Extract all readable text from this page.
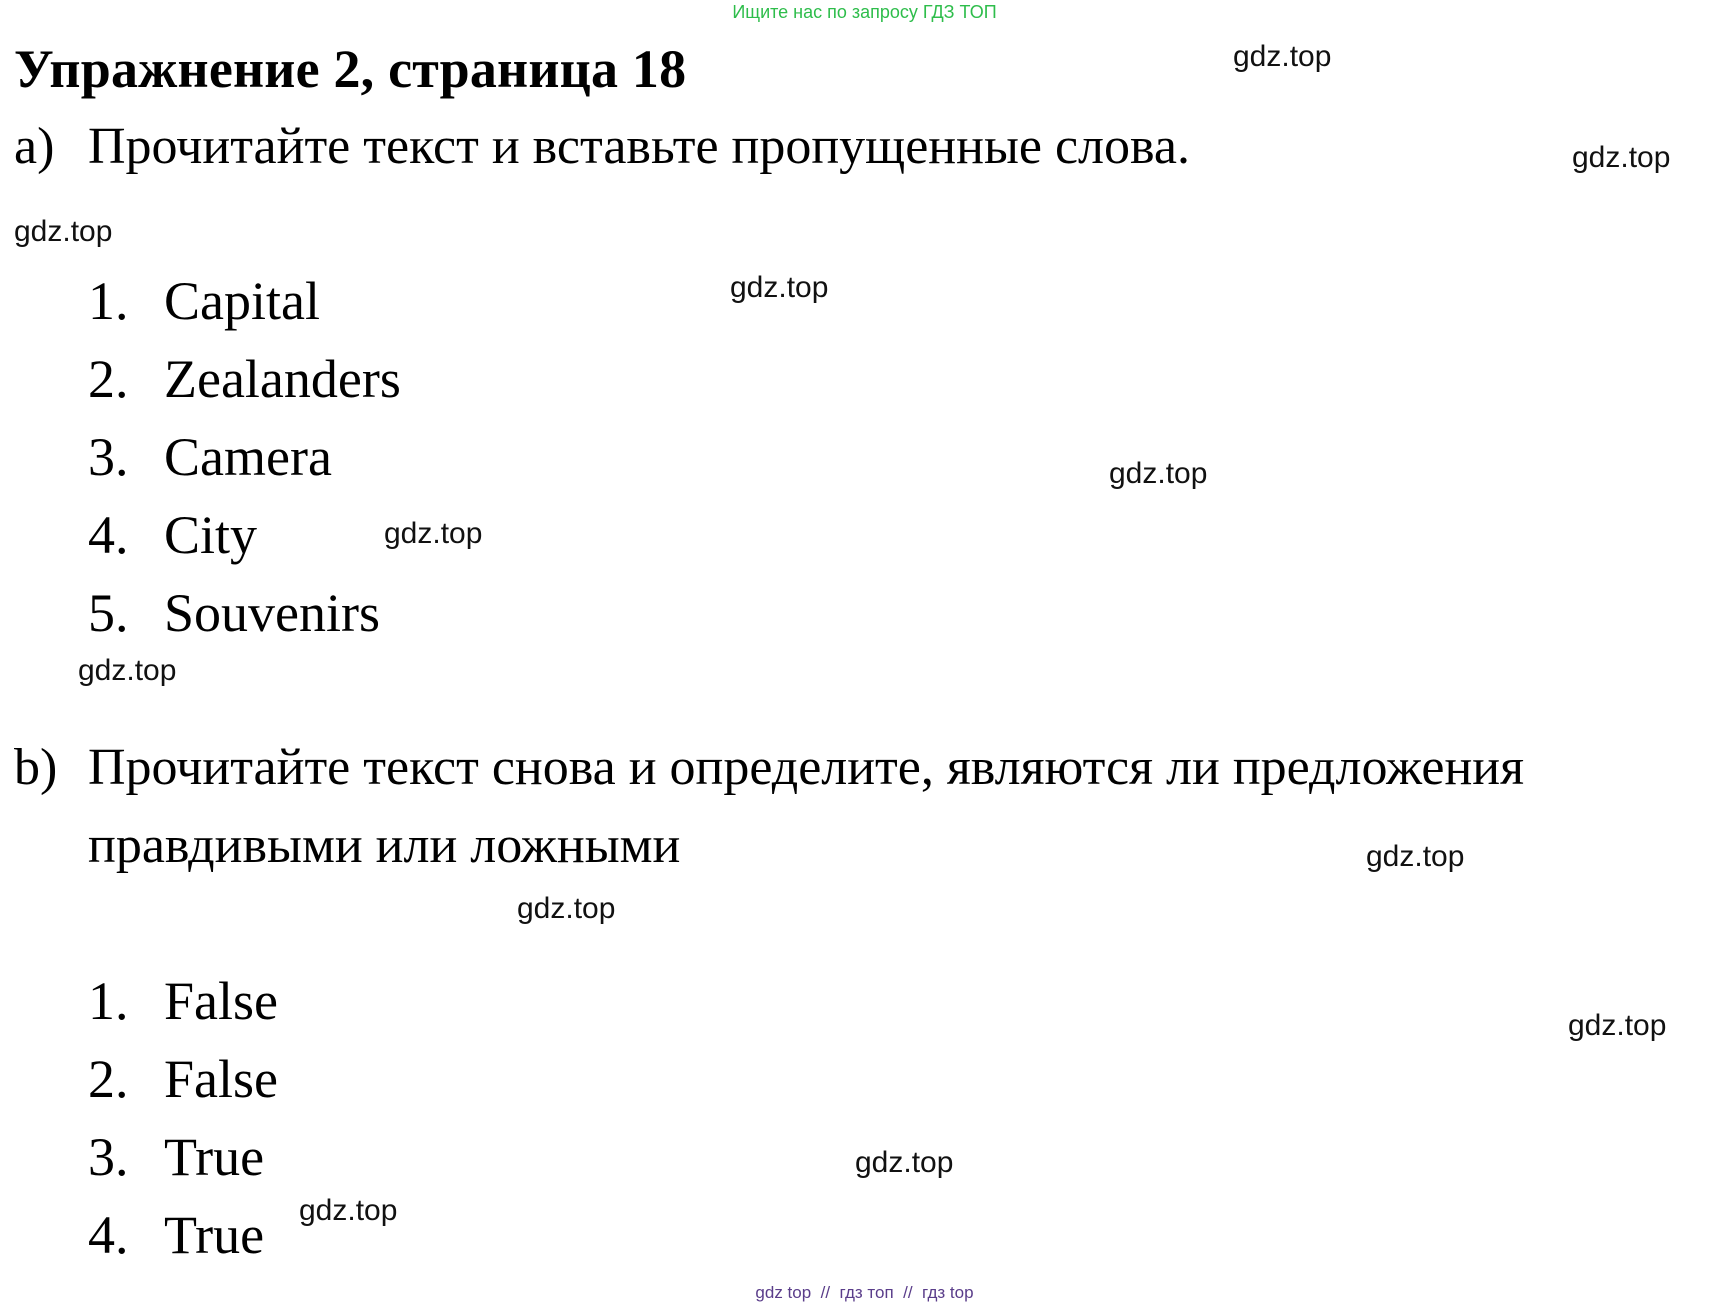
Ищите нас по запросу ГДЗ ТОП
Упражнение 2, страница 18
a) Прочитайте текст и вставьте пропущенные слова.
1. Capital
2. Zealanders
3. Camera
4. City
5. Souvenirs
b) Прочитайте текст снова и определите, являются ли предложения
правдивыми или ложными
1. False
2. False
3. True
4. True
gdz.top
gdz.top
gdz.top
gdz.top
gdz.top
gdz.top
gdz.top
gdz.top
gdz.top
gdz.top
gdz.top
gdz.top
gdz top // гдз топ // гдз top
